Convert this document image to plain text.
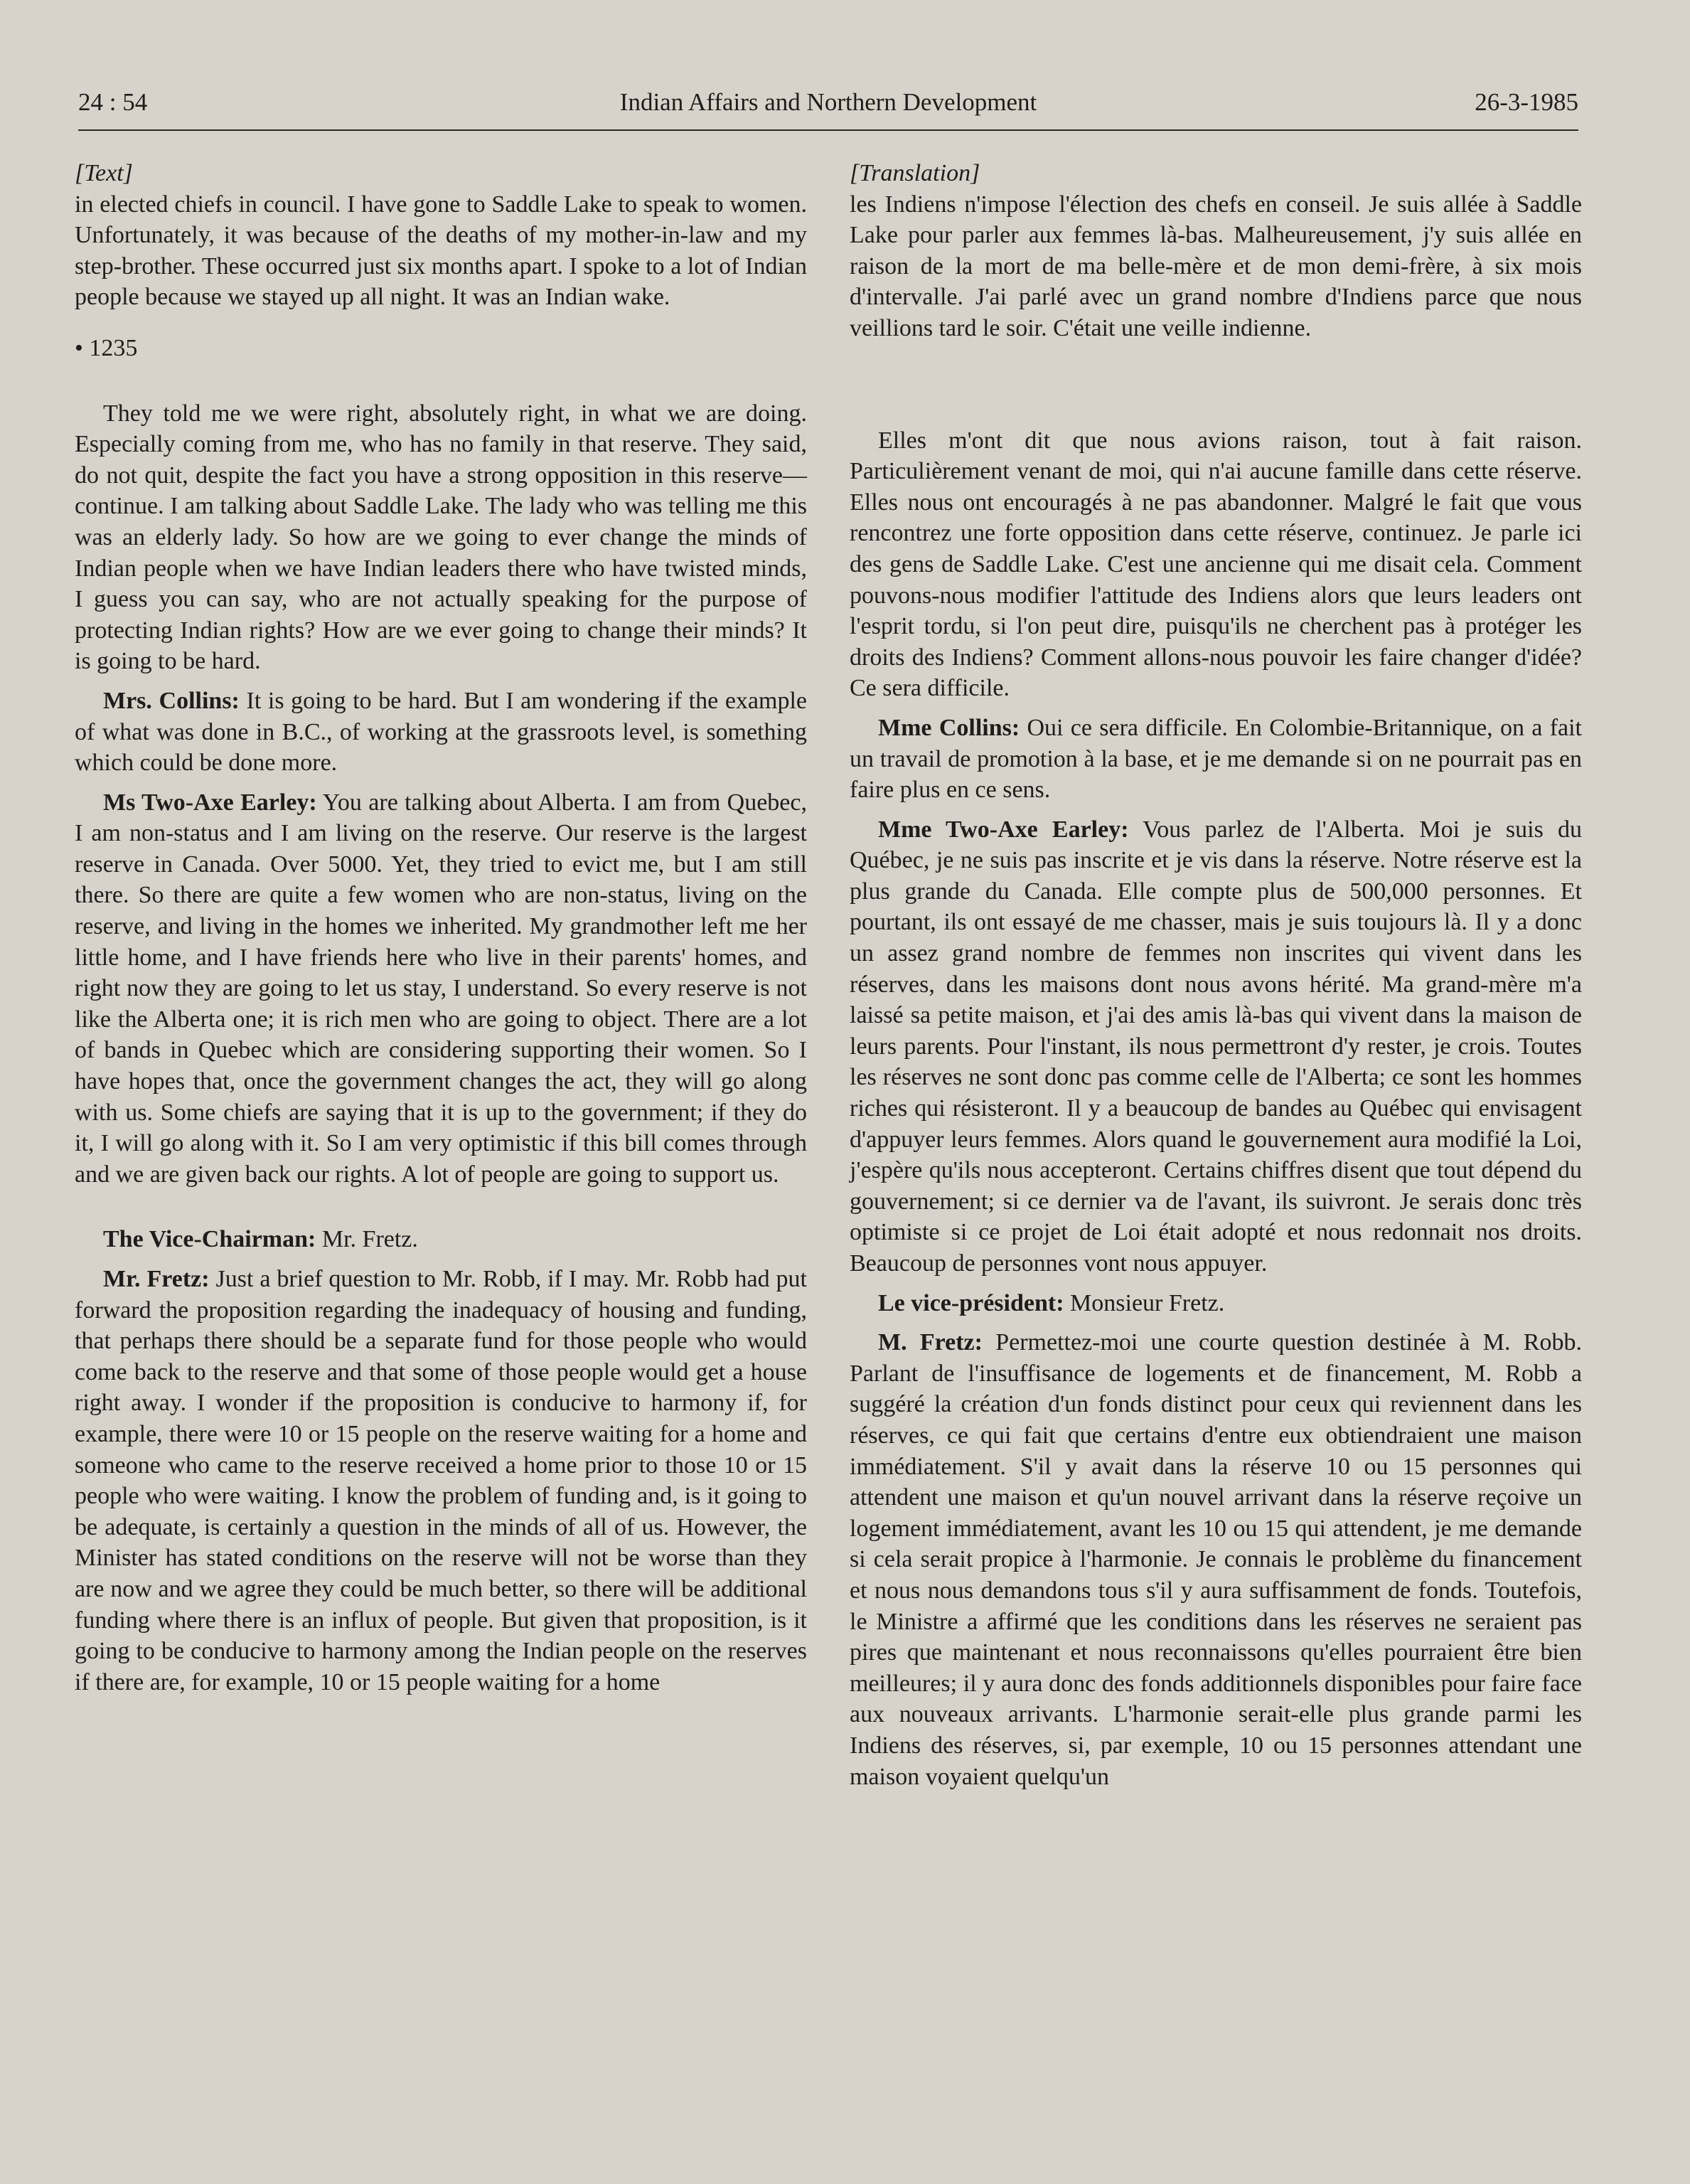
24 : 54	Indian Affairs and Northern Development	26-3-1985

[Text]

in elected chiefs in council. I have gone to Saddle Lake to speak to women. Unfortunately, it was because of the deaths of my mother-in-law and my step-brother. These occurred just six months apart. I spoke to a lot of Indian people because we stayed up all night. It was an Indian wake.

• 1235

They told me we were right, absolutely right, in what we are doing. Especially coming from me, who has no family in that reserve. They said, do not quit, despite the fact you have a strong opposition in this reserve—continue. I am talking about Saddle Lake. The lady who was telling me this was an elderly lady. So how are we going to ever change the minds of Indian people when we have Indian leaders there who have twisted minds, I guess you can say, who are not actually speaking for the purpose of protecting Indian rights? How are we ever going to change their minds? It is going to be hard.

Mrs. Collins: It is going to be hard. But I am wondering if the example of what was done in B.C., of working at the grassroots level, is something which could be done more.

Ms Two-Axe Earley: You are talking about Alberta. I am from Quebec, I am non-status and I am living on the reserve. Our reserve is the largest reserve in Canada. Over 5000. Yet, they tried to evict me, but I am still there. So there are quite a few women who are non-status, living on the reserve, and living in the homes we inherited. My grandmother left me her little home, and I have friends here who live in their parents' homes, and right now they are going to let us stay, I understand. So every reserve is not like the Alberta one; it is rich men who are going to object. There are a lot of bands in Quebec which are considering supporting their women. So I have hopes that, once the government changes the act, they will go along with us. Some chiefs are saying that it is up to the government; if they do it, I will go along with it. So I am very optimistic if this bill comes through and we are given back our rights. A lot of people are going to support us.

The Vice-Chairman: Mr. Fretz.

Mr. Fretz: Just a brief question to Mr. Robb, if I may. Mr. Robb had put forward the proposition regarding the inadequacy of housing and funding, that perhaps there should be a separate fund for those people who would come back to the reserve and that some of those people would get a house right away. I wonder if the proposition is conducive to harmony if, for example, there were 10 or 15 people on the reserve waiting for a home and someone who came to the reserve received a home prior to those 10 or 15 people who were waiting. I know the problem of funding and, is it going to be adequate, is certainly a question in the minds of all of us. However, the Minister has stated conditions on the reserve will not be worse than they are now and we agree they could be much better, so there will be additional funding where there is an influx of people. But given that proposition, is it going to be conducive to harmony among the Indian people on the reserves if there are, for example, 10 or 15 people waiting for a home

[Translation]

les Indiens n'impose l'élection des chefs en conseil. Je suis allée à Saddle Lake pour parler aux femmes là-bas. Malheureusement, j'y suis allée en raison de la mort de ma belle-mère et de mon demi-frère, à six mois d'intervalle. J'ai parlé avec un grand nombre d'Indiens parce que nous veillions tard le soir. C'était une veille indienne.

Elles m'ont dit que nous avions raison, tout à fait raison. Particulièrement venant de moi, qui n'ai aucune famille dans cette réserve. Elles nous ont encouragés à ne pas abandonner. Malgré le fait que vous rencontrez une forte opposition dans cette réserve, continuez. Je parle ici des gens de Saddle Lake. C'est une ancienne qui me disait cela. Comment pouvons-nous modifier l'attitude des Indiens alors que leurs leaders ont l'esprit tordu, si l'on peut dire, puisqu'ils ne cherchent pas à protéger les droits des Indiens? Comment allons-nous pouvoir les faire changer d'idée? Ce sera difficile.

Mme Collins: Oui ce sera difficile. En Colombie-Britannique, on a fait un travail de promotion à la base, et je me demande si on ne pourrait pas en faire plus en ce sens.

Mme Two-Axe Earley: Vous parlez de l'Alberta. Moi je suis du Québec, je ne suis pas inscrite et je vis dans la réserve. Notre réserve est la plus grande du Canada. Elle compte plus de 500,000 personnes. Et pourtant, ils ont essayé de me chasser, mais je suis toujours là. Il y a donc un assez grand nombre de femmes non inscrites qui vivent dans les réserves, dans les maisons dont nous avons hérité. Ma grand-mère m'a laissé sa petite maison, et j'ai des amis là-bas qui vivent dans la maison de leurs parents. Pour l'instant, ils nous permettront d'y rester, je crois. Toutes les réserves ne sont donc pas comme celle de l'Alberta; ce sont les hommes riches qui résisteront. Il y a beaucoup de bandes au Québec qui envisagent d'appuyer leurs femmes. Alors quand le gouvernement aura modifié la Loi, j'espère qu'ils nous accepteront. Certains chiffres disent que tout dépend du gouvernement; si ce dernier va de l'avant, ils suivront. Je serais donc très optimiste si ce projet de Loi était adopté et nous redonnait nos droits. Beaucoup de personnes vont nous appuyer.

Le vice-président: Monsieur Fretz.

M. Fretz: Permettez-moi une courte question destinée à M. Robb. Parlant de l'insuffisance de logements et de financement, M. Robb a suggéré la création d'un fonds distinct pour ceux qui reviennent dans les réserves, ce qui fait que certains d'entre eux obtiendraient une maison immédiatement. S'il y avait dans la réserve 10 ou 15 personnes qui attendent une maison et qu'un nouvel arrivant dans la réserve reçoive un logement immédiatement, avant les 10 ou 15 qui attendent, je me demande si cela serait propice à l'harmonie. Je connais le problème du financement et nous nous demandons tous s'il y aura suffisamment de fonds. Toutefois, le Ministre a affirmé que les conditions dans les réserves ne seraient pas pires que maintenant et nous reconnaissons qu'elles pourraient être bien meilleures; il y aura donc des fonds additionnels disponibles pour faire face aux nouveaux arrivants. L'harmonie serait-elle plus grande parmi les Indiens des réserves, si, par exemple, 10 ou 15 personnes attendant une maison voyaient quelqu'un
